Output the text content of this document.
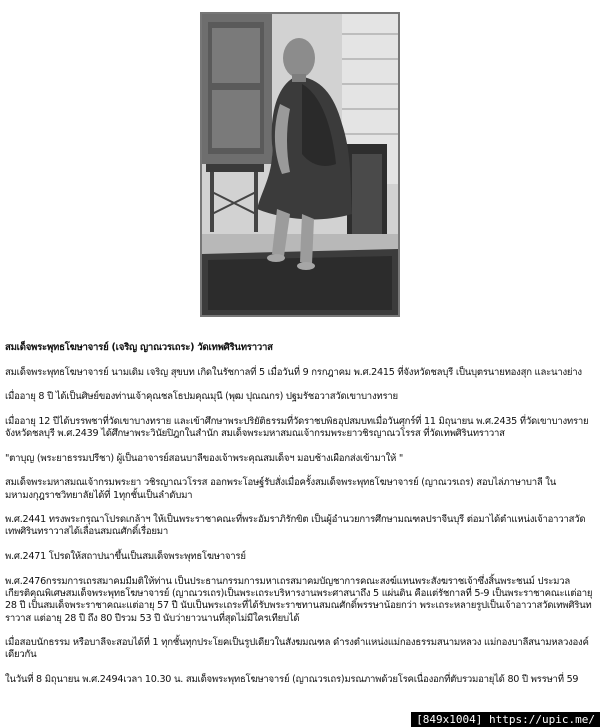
สมเด็จพระพุทธโฆษาจารย์ (เจริญ ญาณวรเถระ) วัดเทพศิรินทราวาส

สมเด็จพระพุทธโฆษาจารย์ นามเดิม เจริญ สุขบท เกิดในรัชกาลที่ 5 เมื่อวันที่ 9 กรกฎาคม พ.ศ.2415 ที่จังหวัดชลบุรี เป็นบุตรนายทองสุก และนางย่าง

เมื่ออายุ 8 ปี ได้เป็นศิษย์ของท่านเจ้าคุณชลโธปมคุณมุนี (พุฒ ปุณณกร) ปฐมรัชอวาสวัดเขาบางทราย

เมื่ออายุ 12 ปีได้บรรพชาที่วัดเขาบางทราย และเข้าศึกษาพระปริยัติธรรมที่วัดราชบพิธอุปสมบทเมื่อวันศุกร์ที่ 11 มิถุนายน พ.ศ.2435 ที่วัดเขาบางทราย จังหวัดชลบุรี พ.ศ.2439 ได้ศึกษาพระวินัยปิฎกในสำนัก สมเด็จพระมหาสมณเจ้ากรมพระยาวชิรญาณวโรรส ที่วัดเทพศิรินทราวาส

"ตาบุญ (พระยาธรรมปรีชา) ผู้เป็นอาจารย์สอนบาลีของเจ้าพระคุณสมเด็จฯ มอบช้างเผือกส่งเข้ามาให้ "

สมเด็จพระมหาสมณเจ้ากรมพระยา วชิรญาณวโรรส ออกพระโอษฐ์รับสั่งเมื่อครั้งสมเด็จพระพุทธโฆษาจารย์ (ญาณวรเถร) สอบไล่ภาษาบาลี ในมหามงกุฎราชวิทยาลัยได้ที่ 1ทุกชั้นเป็นลำดับมา

พ.ศ.2441 ทรงพระกรุณาโปรดเกล้าฯ ให้เป็นพระราชาคณะที่พระอัมราภิรักขิต เป็นผู้อำนวยการศึกษามณฑลปราจีนบุรี ต่อมาได้ตำแหน่งเจ้าอาวาสวัดเทพศิรินทราวาสได้เลื่อนสมณศักดิ์เรื่อยมา

พ.ศ.2471 โปรดให้สถาปนาขึ้นเป็นสมเด็จพระพุทธโฆษาจารย์

พ.ศ.2476กรรมการเถรสมาคมมีมติให้ท่าน เป็นประธานกรรมการมหาเถรสมาคมบัญชาการคณะสงฆ์แทนพระสังฆราชเจ้าซึ่งสิ้นพระชนม์ ประมวลเกียรติคุณพิเศษสมเด็จพระพุทธโฆษาจารย์ (ญาณวรเถร)เป็นพระเถระบริหารงานพระศาสนาถึง 5 แผ่นดิน คือแต่รัชกาลที่ 5-9 เป็นพระราชาคณะแต่อายุ 28 ปี เป็นสมเด็จพระราชาคณะแต่อายุ 57 ปี นับเป็นพระเถระที่ได้รับพระราชทานสมณศักดิ์พรรษาน้อยกว่า พระเถระหลายรูปเป็นเจ้าอาวาสวัดเทพศิรินทราวาส แต่อายุ 28 ปี ถึง 80 ปีรวม 53 ปี นับว่ายาวนานที่สุดไม่มีใครเทียบได้

เมื่อสอบนักธรรม หรือบาลีจะสอบได้ที่ 1 ทุกชั้นทุกประโยคเป็นรูปเดียวในสังฆมณฑล ดำรงตำแหน่งแม่กองธรรมสนามหลวง แม่กองบาลีสนามหลวงองค์เดียวกัน

ในวันที่ 8 มิถุนายน พ.ศ.2494เวลา 10.30 น. สมเด็จพระพุทธโฆษาจารย์ (ญาณวรเถร)มรณภาพด้วยโรคเนื่องอกที่ตับรวมอายุได้ 80 ปี พรรษาที่ 59

[849x1004] https://upic.me/
